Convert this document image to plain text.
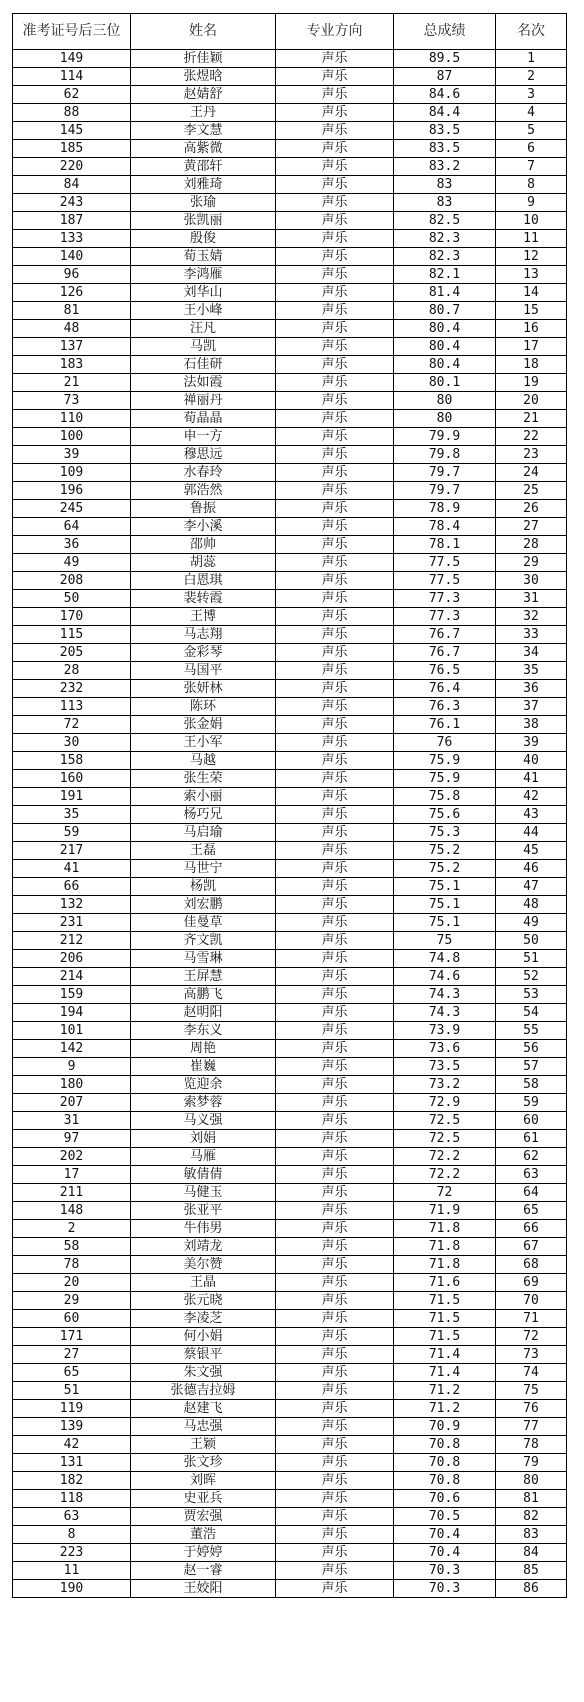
准考证号后三位	姓名	专业方向	总成绩	名次
149	折佳颖	声乐	89.5	1
114	张煜晗	声乐	87	2
62	赵婧舒	声乐	84.6	3
88	王丹	声乐	84.4	4
145	李文慧	声乐	83.5	5
185	高紫微	声乐	83.5	6
220	黄邵轩	声乐	83.2	7
84	刘雅琦	声乐	83	8
243	张瑜	声乐	83	9
187	张凯丽	声乐	82.5	10
133	殷俊	声乐	82.3	11
140	荀玉婧	声乐	82.3	12
96	李鸿雁	声乐	82.1	13
126	刘华山	声乐	81.4	14
81	王小峰	声乐	80.7	15
48	汪凡	声乐	80.4	16
137	马凯	声乐	80.4	17
183	石佳研	声乐	80.4	18
21	法如霞	声乐	80.1	19
73	禅丽丹	声乐	80	20
110	荀晶晶	声乐	80	21
100	申一方	声乐	79.9	22
39	穆思远	声乐	79.8	23
109	水春玲	声乐	79.7	24
196	郭浩然	声乐	79.7	25
245	鲁振	声乐	78.9	26
64	李小溪	声乐	78.4	27
36	邵帅	声乐	78.1	28
49	胡蕊	声乐	77.5	29
208	白恩琪	声乐	77.5	30
50	裴转霞	声乐	77.3	31
170	王博	声乐	77.3	32
115	马志翔	声乐	76.7	33
205	金彩琴	声乐	76.7	34
28	马国平	声乐	76.5	35
232	张妍林	声乐	76.4	36
113	陈环	声乐	76.3	37
72	张金娟	声乐	76.1	38
30	王小军	声乐	76	39
158	马越	声乐	75.9	40
160	张生荣	声乐	75.9	41
191	索小丽	声乐	75.8	42
35	杨巧兄	声乐	75.6	43
59	马启瑜	声乐	75.3	44
217	王磊	声乐	75.2	45
41	马世宁	声乐	75.2	46
66	杨凯	声乐	75.1	47
132	刘宏鹏	声乐	75.1	48
231	佳曼草	声乐	75.1	49
212	齐文凯	声乐	75	50
206	马雪琳	声乐	74.8	51
214	王屏慧	声乐	74.6	52
159	高鹏飞	声乐	74.3	53
194	赵明阳	声乐	74.3	54
101	李东义	声乐	73.9	55
142	周艳	声乐	73.6	56
9	崔巍	声乐	73.5	57
180	览迎余	声乐	73.2	58
207	索梦蓉	声乐	72.9	59
31	马义强	声乐	72.5	60
97	刘娟	声乐	72.5	61
202	马雁	声乐	72.2	62
17	敏倩倩	声乐	72.2	63
211	马健玉	声乐	72	64
148	张亚平	声乐	71.9	65
2	牛伟男	声乐	71.8	66
58	刘靖龙	声乐	71.8	67
78	美尔赞	声乐	71.8	68
20	王晶	声乐	71.6	69
29	张元晓	声乐	71.5	70
60	李凌芝	声乐	71.5	71
171	何小娟	声乐	71.5	72
27	蔡银平	声乐	71.4	73
65	朱文强	声乐	71.4	74
51	张德吉拉姆	声乐	71.2	75
119	赵建飞	声乐	71.2	76
139	马忠强	声乐	70.9	77
42	王颖	声乐	70.8	78
131	张文珍	声乐	70.8	79
182	刘晖	声乐	70.8	80
118	史亚兵	声乐	70.6	81
63	贾宏强	声乐	70.5	82
8	董浩	声乐	70.4	83
223	于婷婷	声乐	70.4	84
11	赵一睿	声乐	70.3	85
190	王姣阳	声乐	70.3	86
